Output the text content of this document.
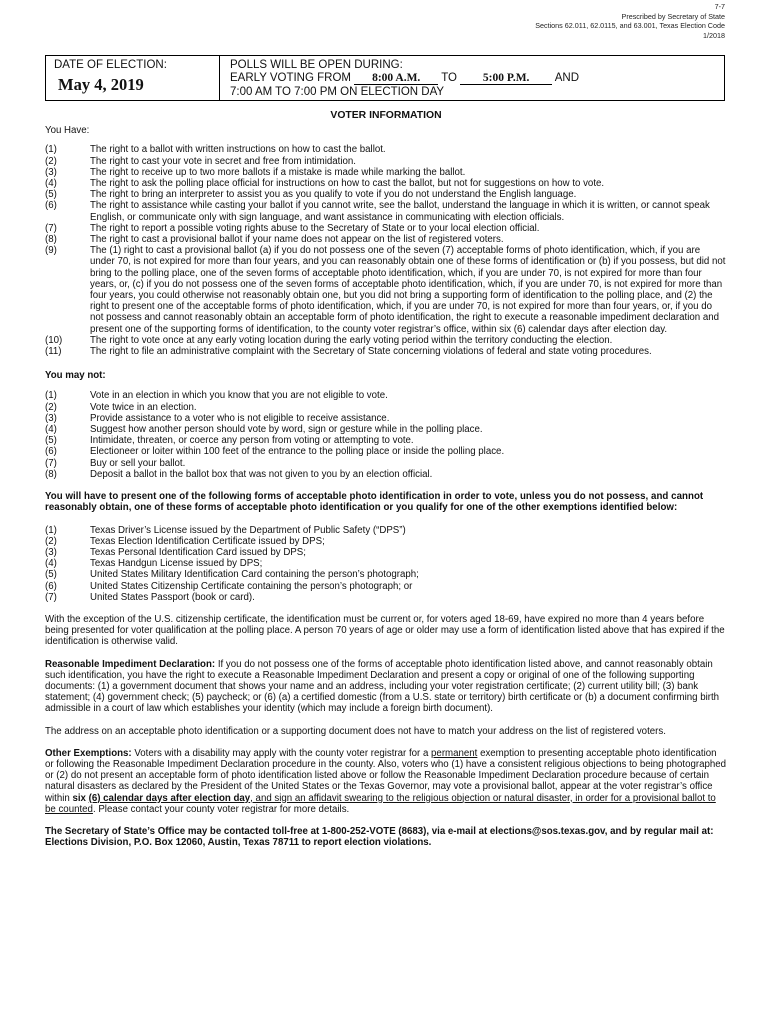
7-7
Prescribed by Secretary of State
Sections 62.011, 62.0115, and 63.001, Texas Election Code
1/2018
DATE OF ELECTION:
May 4, 2019
POLLS WILL BE OPEN DURING:
EARLY VOTING FROM 8:00 A.M. TO 5:00 P.M. AND
7:00 AM TO 7:00 PM ON ELECTION DAY
VOTER INFORMATION
You Have:
(1)	The right to a ballot with written instructions on how to cast the ballot.
(2)	The right to cast your vote in secret and free from intimidation.
(3)	The right to receive up to two more ballots if a mistake is made while marking the ballot.
(4)	The right to ask the polling place official for instructions on how to cast the ballot, but not for suggestions on how to vote.
(5)	The right to bring an interpreter to assist you as you qualify to vote if you do not understand the English language.
(6)	The right to assistance while casting your ballot if you cannot write, see the ballot, understand the language in which it is written, or cannot speak English, or communicate only with sign language, and want assistance in communicating with election officials.
(7)	The right to report a possible voting rights abuse to the Secretary of State or to your local election official.
(8)	The right to cast a provisional ballot if your name does not appear on the list of registered voters.
(9)	The (1) right to cast a provisional ballot (a) if you do not possess one of the seven (7) acceptable forms of photo identification, which, if you are under 70, is not expired for more than four years, and you can reasonably obtain one of these forms of identification or (b) if you possess, but did not bring to the polling place, one of the seven forms of acceptable photo identification, which, if you are under 70, is not expired for more than four years, or, (c) if you do not possess one of the seven forms of acceptable photo identification, which, if you are under 70, is not expired for more than four years, you could otherwise not reasonably obtain one, but you did not bring a supporting form of identification to the polling place, and (2) the right to present one of the acceptable forms of photo identification, which, if you are under 70, is not expired for more than four years, or, if you do not possess and cannot reasonably obtain an acceptable form of photo identification, the right to execute a reasonable impediment declaration and present one of the supporting forms of identification, to the county voter registrar’s office, within six (6) calendar days after election day.
(10)	The right to vote once at any early voting location during the early voting period within the territory conducting the election.
(11)	The right to file an administrative complaint with the Secretary of State concerning violations of federal and state voting procedures.
You may not:
(1)	Vote in an election in which you know that you are not eligible to vote.
(2)	Vote twice in an election.
(3)	Provide assistance to a voter who is not eligible to receive assistance.
(4)	Suggest how another person should vote by word, sign or gesture while in the polling place.
(5)	Intimidate, threaten, or coerce any person from voting or attempting to vote.
(6)	Electioneer or loiter within 100 feet of the entrance to the polling place or inside the polling place.
(7)	Buy or sell your ballot.
(8)	Deposit a ballot in the ballot box that was not given to you by an election official.
You will have to present one of the following forms of acceptable photo identification in order to vote, unless you do not possess, and cannot reasonably obtain, one of these forms of acceptable photo identification or you qualify for one of the other exemptions identified below:
(1)	Texas Driver’s License issued by the Department of Public Safety (“DPS”)
(2)	Texas Election Identification Certificate issued by DPS;
(3)	Texas Personal Identification Card issued by DPS;
(4)	Texas Handgun License issued by DPS;
(5)	United States Military Identification Card containing the person’s photograph;
(6)	United States Citizenship Certificate containing the person’s photograph; or
(7)	United States Passport (book or card).

With the exception of the U.S. citizenship certificate, the identification must be current or, for voters aged 18-69, have expired no more than 4 years before being presented for voter qualification at the polling place. A person 70 years of age or older may use a form of identification listed above that has expired if the identification is otherwise valid.

Reasonable Impediment Declaration: If you do not possess one of the forms of acceptable photo identification listed above, and cannot reasonably obtain such identification, you have the right to execute a Reasonable Impediment Declaration and present a copy or original of one of the following supporting documents: (1) a government document that shows your name and an address, including your voter registration certificate; (2) current utility bill; (3) bank statement; (4) government check; (5) paycheck; or (6) (a) a certified domestic (from a U.S. state or territory) birth certificate or (b) a document confirming birth admissible in a court of law which establishes your identity (which may include a foreign birth document).

The address on an acceptable photo identification or a supporting document does not have to match your address on the list of registered voters.

Other Exemptions: Voters with a disability may apply with the county voter registrar for a permanent exemption to presenting acceptable photo identification or following the Reasonable Impediment Declaration procedure in the county. Also, voters who (1) have a consistent religious objections to being photographed or (2) do not present an acceptable form of photo identification listed above or follow the Reasonable Impediment Declaration procedure because of certain natural disasters as declared by the President of the United States or the Texas Governor, may vote a provisional ballot, appear at the voter registrar’s office within six (6) calendar days after election day, and sign an affidavit swearing to the religious objection or natural disaster, in order for a provisional ballot to be counted. Please contact your county voter registrar for more details.

The Secretary of State’s Office may be contacted toll-free at 1-800-252-VOTE (8683), via e-mail at elections@sos.texas.gov, and by regular mail at: Elections Division, P.O. Box 12060, Austin, Texas 78711 to report election violations.
